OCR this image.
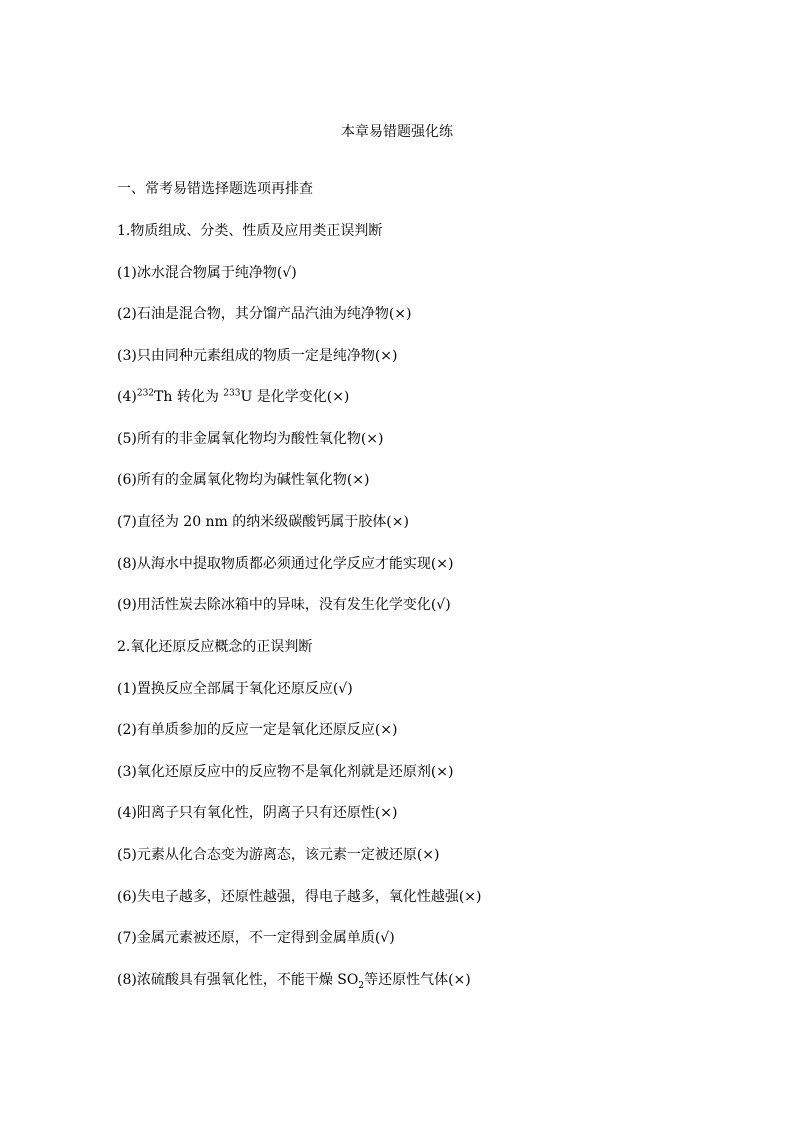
本章易错题强化练
一、常考易错选择题选项再排查
1.物质组成、分类、性质及应用类正误判断
(1)冰水混合物属于纯净物(√)
(2)石油是混合物，其分馏产品汽油为纯净物(×)
(3)只由同种元素组成的物质一定是纯净物(×)
$(4)^{232}Th$ 转化为 $^{233}$U 是化学变化(×)
(5)所有的非金属氧化物均为酸性氧化物(×)
(6)所有的金属氧化物均为碱性氧化物(×)
(7)直径为 20 nm 的纳米级碳酸钙属于胶体(×)
(8)从海水中提取物质都必须通过化学反应才能实现(×)
(9)用活性炭去除冰箱中的异味，没有发生化学变化(√)
2.氧化还原反应概念的正误判断
(1)置换反应全部属于氧化还原反应(√)
(2)有单质参加的反应一定是氧化还原反应(×)
(3)氧化还原反应中的反应物不是氧化剂就是还原剂(×)
(4)阳离子只有氧化性，阴离子只有还原性(×)
(5)元素从化合态变为游离态，该元素一定被还原(×)
(6)失电子越多，还原性越强，得电子越多，氧化性越强(×)
(7)金属元素被还原，不一定得到金属单质(√)
(8)浓硫酸具有强氧化性，不能干燥 $SO_2$等还原性气体(×)
